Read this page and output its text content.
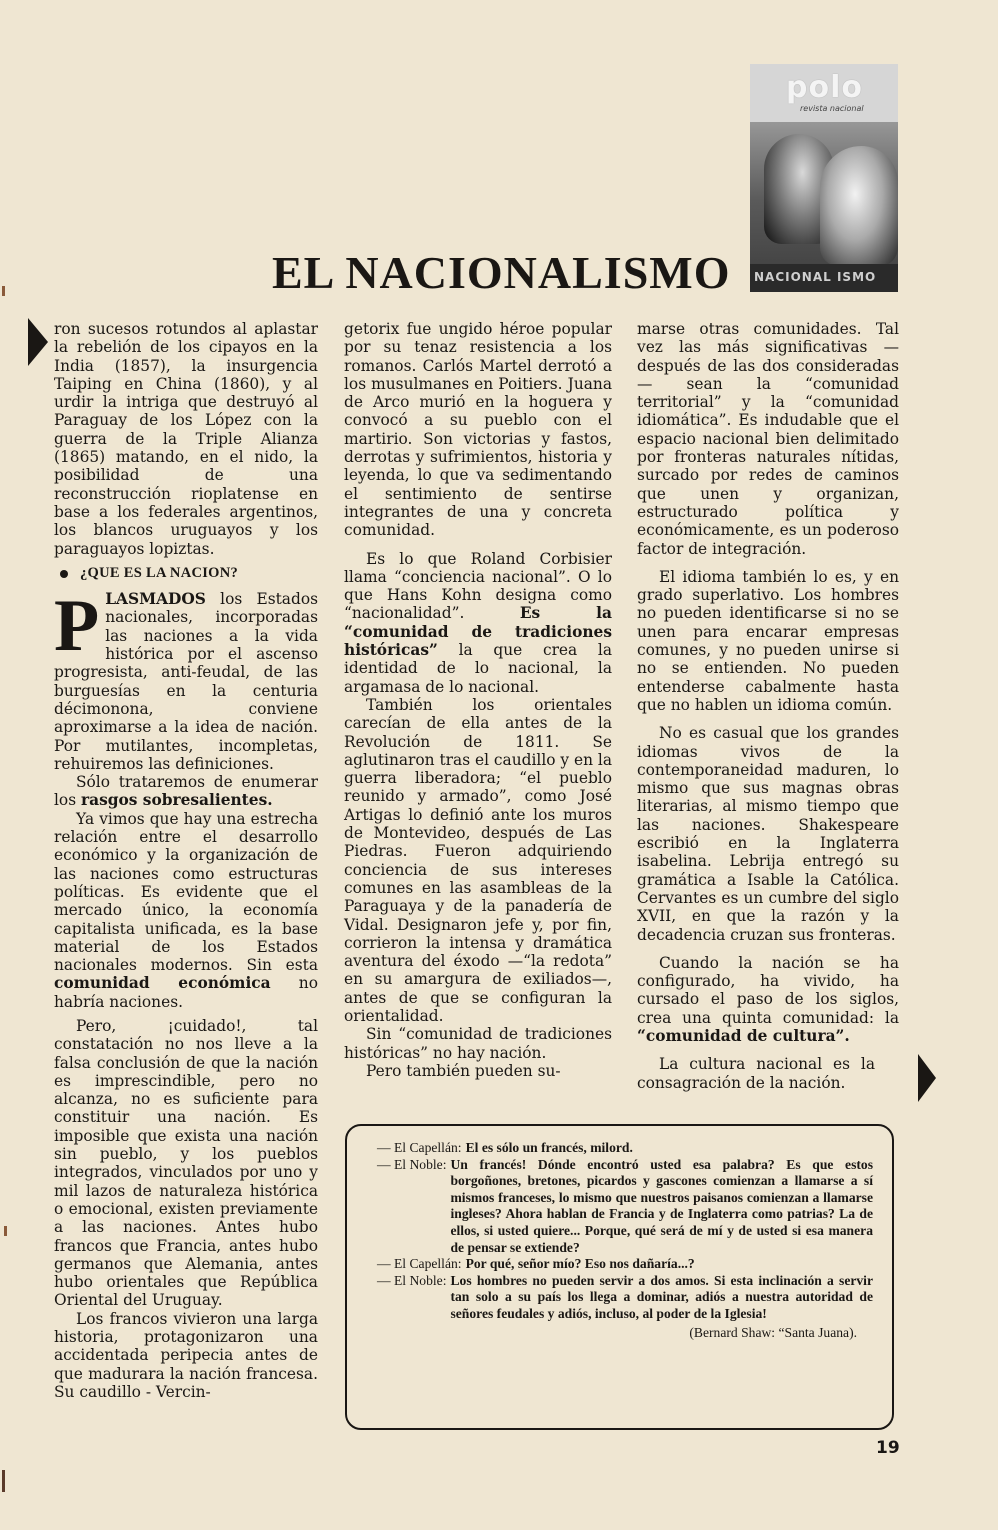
polo
revista nacional
NACIONAL ISMO
EL NACIONALISMO

ron sucesos rotundos al aplastar la rebelión de los cipayos en la India (1857), la insurgencia Taiping en China (1860), y al urdir la intriga que destruyó al Paraguay de los López con la guerra de la Triple Alianza (1865) matando, en el nido, la posibilidad de una reconstrucción rioplatense en base a los federales argentinos, los blancos uruguayos y los paraguayos lopiztas.

¿QUE ES LA NACION?

PLASMADOS los Estados nacionales, incorporadas las naciones a la vida histórica por el ascenso progresista, anti-feudal, de las burguesías en la centuria décimonona, conviene aproximarse a la idea de nación. Por mutilantes, incompletas, rehuiremos las definiciones.

Sólo trataremos de enumerar los rasgos sobresalientes.

Ya vimos que hay una estrecha relación entre el desarrollo económico y la organización de las naciones como estructuras políticas. Es evidente que el mercado único, la economía capitalista unificada, es la base material de los Estados nacionales modernos. Sin esta comunidad económica no habría naciones.

Pero, ¡cuidado!, tal constatación no nos lleve a la falsa conclusión de que la nación es imprescindible, pero no alcanza, no es suficiente para constituir una nación. Es imposible que exista una nación sin pueblo, y los pueblos integrados, vinculados por uno y mil lazos de naturaleza histórica o emocional, existen previamente a las naciones. Antes hubo francos que Francia, antes hubo germanos que Alemania, antes hubo orientales que República Oriental del Uruguay.

Los francos vivieron una larga historia, protagonizaron una accidentada peripecia antes de que madurara la nación francesa. Su caudillo - Vercin-

getorix fue ungido héroe popular por su tenaz resistencia a los romanos. Carlós Martel derrotó a los musulmanes en Poitiers. Juana de Arco murió en la hoguera y convocó a su pueblo con el martirio. Son victorias y fastos, derrotas y sufrimientos, historia y leyenda, lo que va sedimentando el sentimiento de sentirse integrantes de una y concreta comunidad.

Es lo que Roland Corbisier llama “conciencia nacional”. O lo que Hans Kohn designa como “nacionalidad”. Es la “comunidad de tradiciones históricas” la que crea la identidad de lo nacional, la argamasa de lo nacional.

También los orientales carecían de ella antes de la Revolución de 1811. Se aglutinaron tras el caudillo y en la guerra liberadora; “el pueblo reunido y armado”, como José Artigas lo definió ante los muros de Montevideo, después de Las Piedras. Fueron adquiriendo conciencia de sus intereses comunes en las asambleas de la Paraguaya y de la panadería de Vidal. Designaron jefe y, por fin, corrieron la intensa y dramática aventura del éxodo —“la redota” en su amargura de exiliados—, antes de que se configuran la orientalidad.

Sin “comunidad de tradiciones históricas” no hay nación.

Pero también pueden su-

marse otras comunidades. Tal vez las más significativas —después de las dos consideradas— sean la “comunidad territorial” y la “comunidad idiomática”. Es indudable que el espacio nacional bien delimitado por fronteras naturales nítidas, surcado por redes de caminos que unen y organizan, estructurado política y económicamente, es un poderoso factor de integración.

El idioma también lo es, y en grado superlativo. Los hombres no pueden identificarse si no se unen para encarar empresas comunes, y no pueden unirse si no se entienden. No pueden entenderse cabalmente hasta que no hablen un idioma común.

No es casual que los grandes idiomas vivos de la contemporaneidad maduren, lo mismo que sus magnas obras literarias, al mismo tiempo que las naciones. Shakespeare escribió en la Inglaterra isabelina. Lebrija entregó su gramática a Isable la Católica. Cervantes es un cumbre del siglo XVII, en que la razón y la decadencia cruzan sus fronteras.

Cuando la nación se ha configurado, ha vivido, ha cursado el paso de los siglos, crea una quinta comunidad: la “comunidad de cultura”.

La cultura nacional es la consagración de la nación.

— El Capellán: El es sólo un francés, milord.
— El Noble: Un francés! Dónde encontró usted esa palabra? Es que estos borgoñones, bretones, picardos y gascones comienzan a llamarse a sí mismos franceses, lo mismo que nuestros paisanos comienzan a llamarse ingleses? Ahora hablan de Francia y de Inglaterra como patrias? La de ellos, si usted quiere... Porque, qué será de mí y de usted si esa manera de pensar se extiende?
— El Capellán: Por qué, señor mío? Eso nos dañaría...?
— El Noble: Los hombres no pueden servir a dos amos. Si esta inclinación a servir tan solo a su país los llega a dominar, adiós a nuestra autoridad de señores feudales y adiós, incluso, al poder de la Iglesia!
(Bernard Shaw: “Santa Juana).
19
